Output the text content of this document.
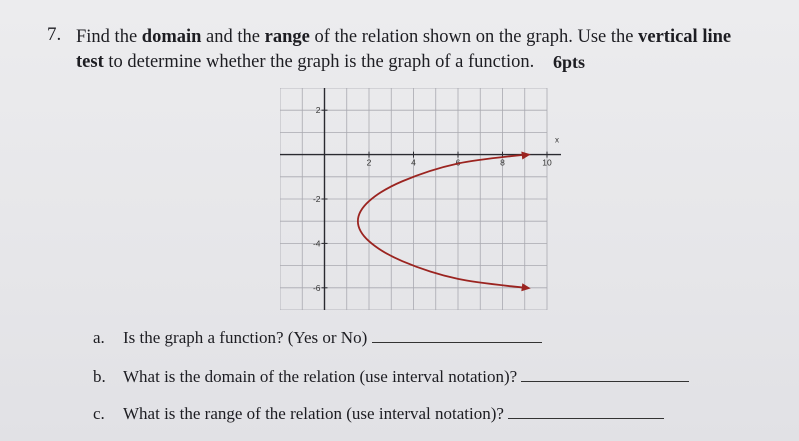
7. Find the domain and the range of the relation shown on the graph. Use the vertical line
test to determine whether the graph is the graph of a function. 6pts
x
2	4	6	8	10
2
-2
-4
-6
a. Is the graph a function? (Yes or No)
b. What is the domain of the relation (use interval notation)?
c. What is the range of the relation (use interval notation)?
